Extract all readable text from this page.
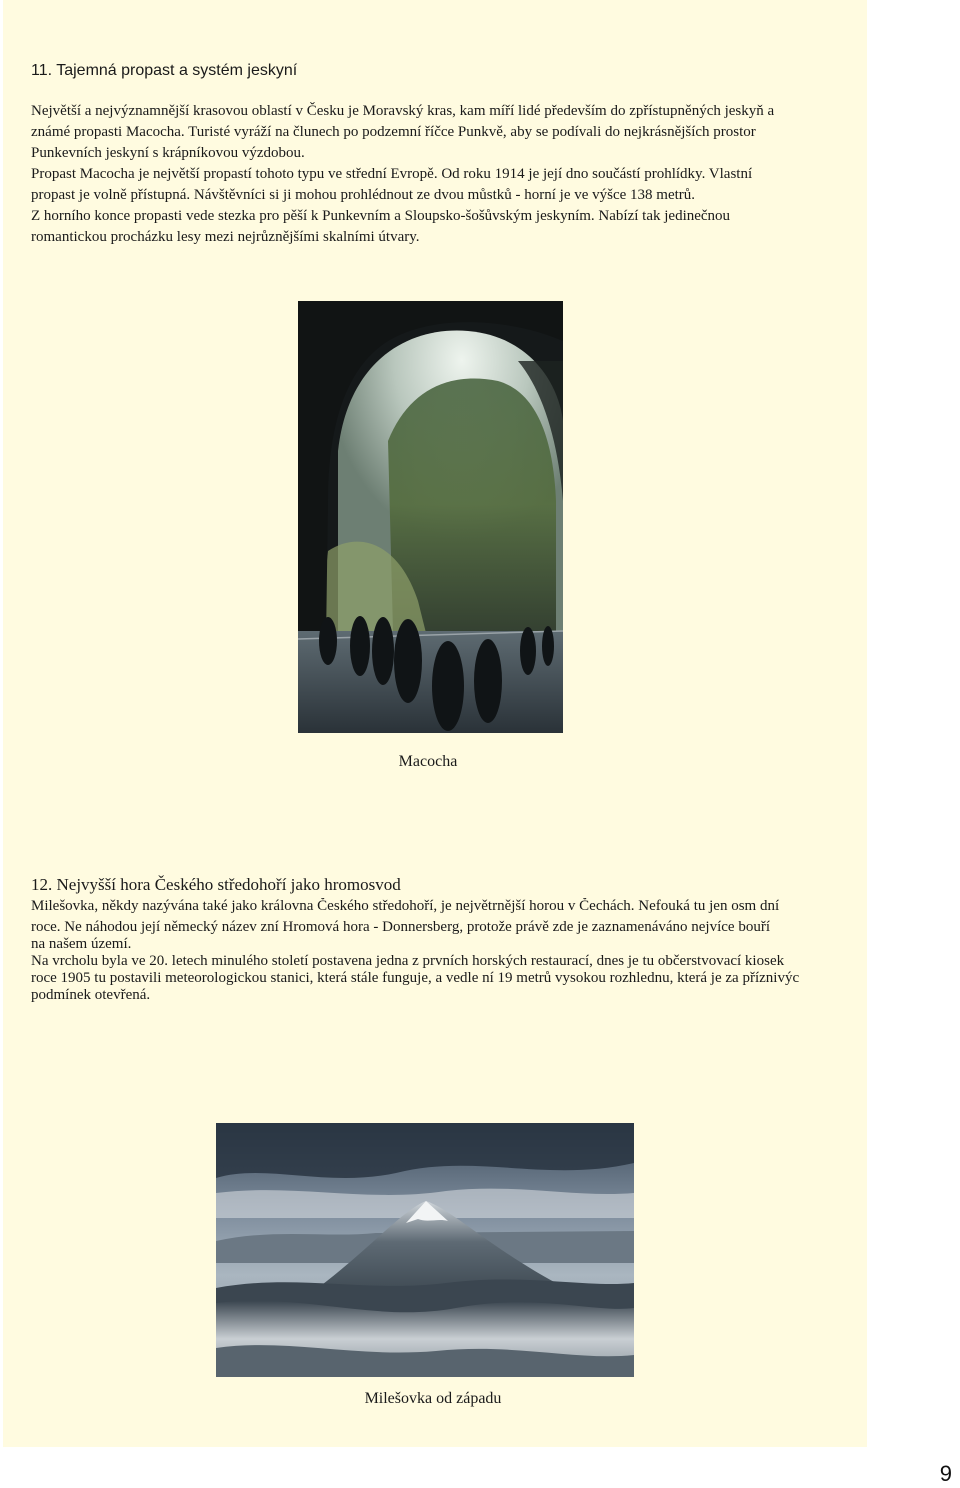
11. Tajemná propast a systém jeskyní
Největší a nejvýznamnější krasovou oblastí v Česku je Moravský kras, kam míří lidé především do zpřístupněných jeskyň a
známé propasti Macocha. Turisté vyráží na člunech po podzemní říčce Punkvě, aby se podívali do nejkrásnějších prostor
Punkevních jeskyní s krápníkovou výzdobou.
Propast Macocha je největší propastí tohoto typu ve střední Evropě. Od roku 1914 je její dno součástí prohlídky. Vlastní
propast je volně přístupná. Návštěvníci si ji mohou prohlédnout ze dvou můstků - horní je ve výšce 138 metrů.
Z horního konce propasti vede stezka pro pěší k Punkevním a Sloupsko-šošůvským jeskyním. Nabízí tak jedinečnou
romantickou procházku lesy mezi nejrůznějšími skalními útvary.
Macocha
12. Nejvyšší hora Českého středohoří jako hromosvod
Milešovka, někdy nazývána také jako královna Českého středohoří, je největrnější horou v Čechách. Nefouká tu jen osm dní
roce. Ne náhodou její německý název zní Hromová hora - Donnersberg, protože právě zde je zaznamenáváno nejvíce bouří
na našem území.
Na vrcholu byla ve 20. letech minulého století postavena jedna z prvních horských restaurací, dnes je tu občerstvovací kiosek
roce 1905 tu postavili meteorologickou stanici, která stále funguje, a vedle ní 19 metrů vysokou rozhlednu, která je za příznivýc
podmínek otevřená.
Milešovka od západu
9
